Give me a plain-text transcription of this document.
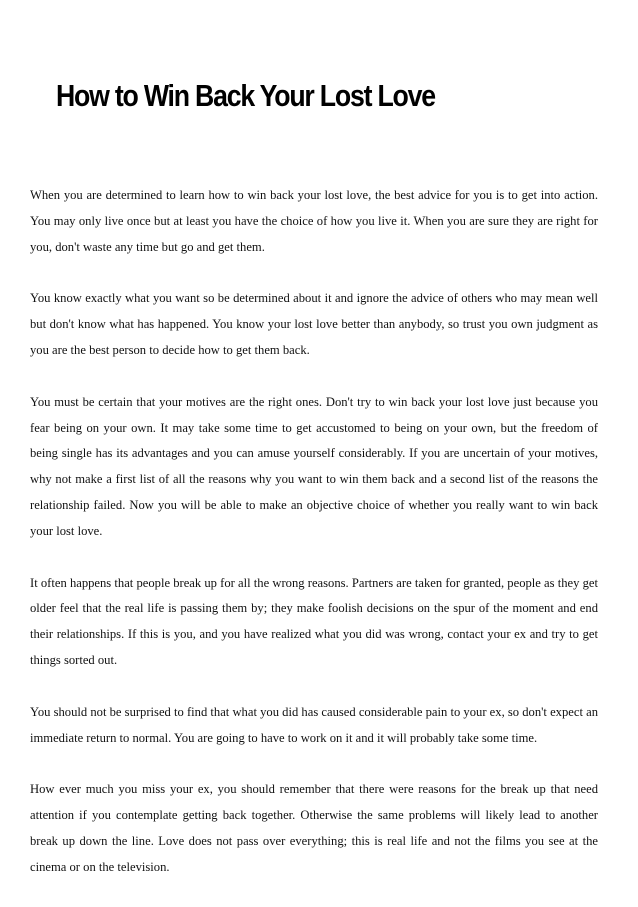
How to Win Back Your Lost Love

When you are determined to learn how to win back your lost love, the best advice for you is to get into action. You may only live once but at least you have the choice of how you live it. When you are sure they are right for you, don't waste any time but go and get them.

You know exactly what you want so be determined about it and ignore the advice of others who may mean well but don't know what has happened. You know your lost love better than anybody, so trust you own judgment as you are the best person to decide how to get them back.

You must be certain that your motives are the right ones. Don't try to win back your lost love just because you fear being on your own. It may take some time to get accustomed to being on your own, but the freedom of being single has its advantages and you can amuse yourself considerably. If you are uncertain of your motives, why not make a first list of all the reasons why you want to win them back and a second list of the reasons the relationship failed. Now you will be able to make an objective choice of whether you really want to win back your lost love.

It often happens that people break up for all the wrong reasons. Partners are taken for granted, people as they get older feel that the real life is passing them by; they make foolish decisions on the spur of the moment and end their relationships. If this is you, and you have realized what you did was wrong, contact your ex and try to get things sorted out.

You should not be surprised to find that what you did has caused considerable pain to your ex, so don't expect an immediate return to normal. You are going to have to work on it and it will probably take some time.

How ever much you miss your ex, you should remember that there were reasons for the break up that need attention if you contemplate getting back together. Otherwise the same problems will likely lead to another break up down the line. Love does not pass over everything; this is real life and not the films you see at the cinema or on the television.
